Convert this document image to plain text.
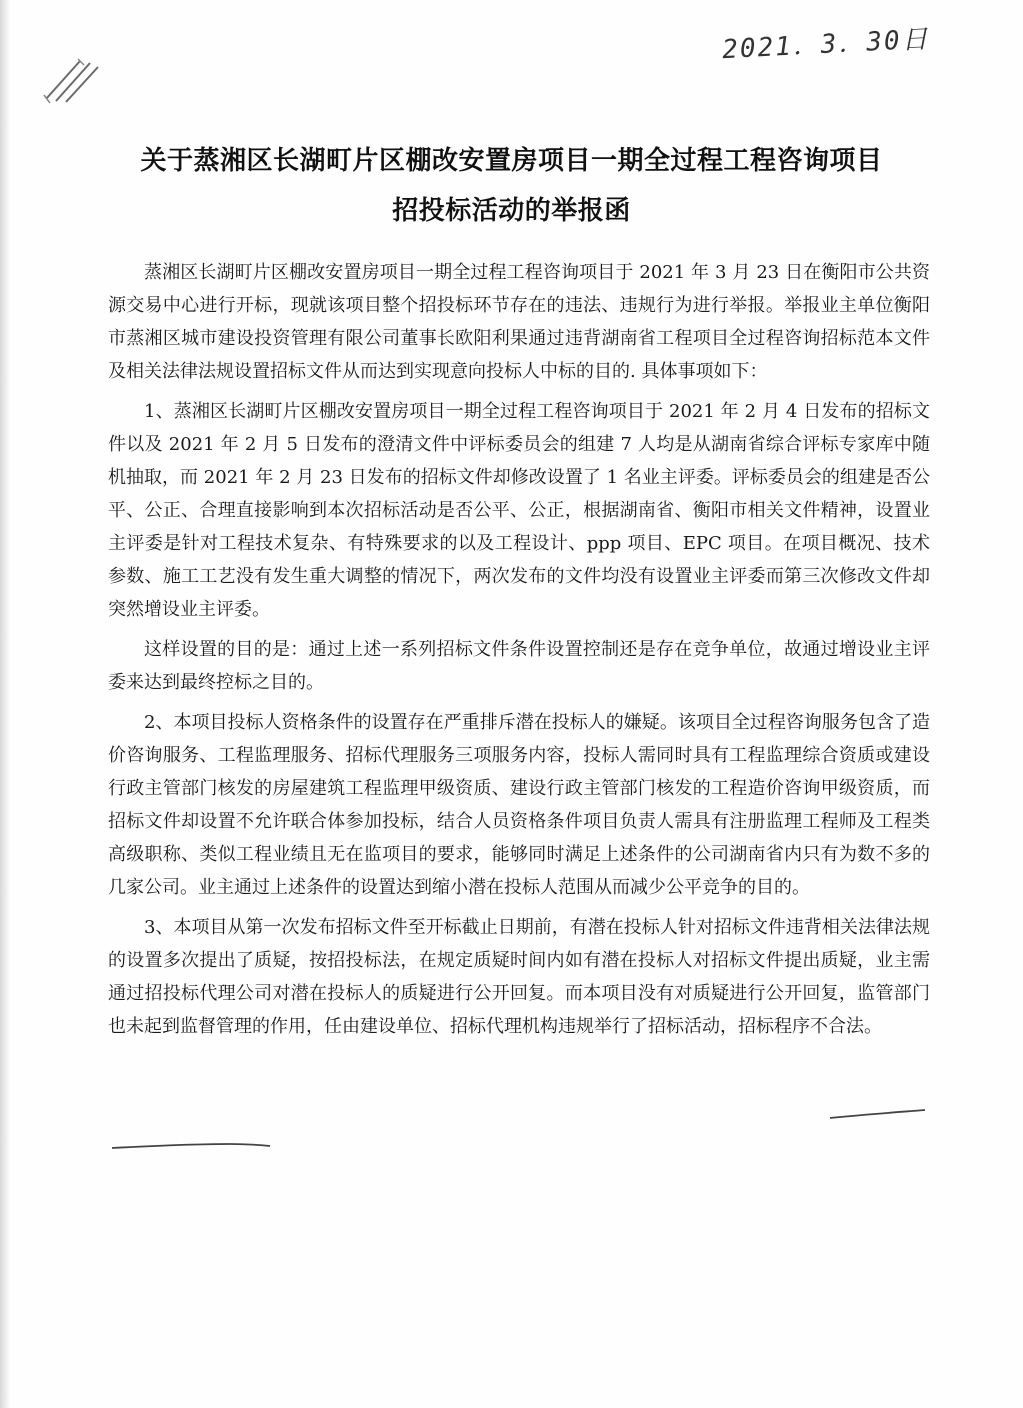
2021．3．30日
关于蒸湘区长湖町片区棚改安置房项目一期全过程工程咨询项目
招投标活动的举报函

蒸湘区长湖町片区棚改安置房项目一期全过程工程咨询项目于 2021 年 3 月 23 日在衡阳市公共资源交易中心进行开标，现就该项目整个招投标环节存在的违法、违规行为进行举报。举报业主单位衡阳市蒸湘区城市建设投资管理有限公司董事长欧阳利果通过违背湖南省工程项目全过程咨询招标范本文件及相关法律法规设置招标文件从而达到实现意向投标人中标的目的. 具体事项如下：

1、蒸湘区长湖町片区棚改安置房项目一期全过程工程咨询项目于 2021 年 2 月 4 日发布的招标文件以及 2021 年 2 月 5 日发布的澄清文件中评标委员会的组建 7 人均是从湖南省综合评标专家库中随机抽取，而 2021 年 2 月 23 日发布的招标文件却修改设置了 1 名业主评委。评标委员会的组建是否公平、公正、合理直接影响到本次招标活动是否公平、公正，根据湖南省、衡阳市相关文件精神，设置业主评委是针对工程技术复杂、有特殊要求的以及工程设计、ppp 项目、EPC 项目。在项目概况、技术参数、施工工艺没有发生重大调整的情况下，两次发布的文件均没有设置业主评委而第三次修改文件却突然增设业主评委。

这样设置的目的是：通过上述一系列招标文件条件设置控制还是存在竞争单位，故通过增设业主评委来达到最终控标之目的。

2、本项目投标人资格条件的设置存在严重排斥潜在投标人的嫌疑。该项目全过程咨询服务包含了造价咨询服务、工程监理服务、招标代理服务三项服务内容，投标人需同时具有工程监理综合资质或建设行政主管部门核发的房屋建筑工程监理甲级资质、建设行政主管部门核发的工程造价咨询甲级资质，而招标文件却设置不允许联合体参加投标，结合人员资格条件项目负责人需具有注册监理工程师及工程类高级职称、类似工程业绩且无在监项目的要求，能够同时满足上述条件的公司湖南省内只有为数不多的几家公司。业主通过上述条件的设置达到缩小潜在投标人范围从而减少公平竞争的目的。

3、本项目从第一次发布招标文件至开标截止日期前，有潜在投标人针对招标文件违背相关法律法规的设置多次提出了质疑，按招投标法，在规定质疑时间内如有潜在投标人对招标文件提出质疑，业主需通过招投标代理公司对潜在投标人的质疑进行公开回复。而本项目没有对质疑进行公开回复，监管部门也未起到监督管理的作用，任由建设单位、招标代理机构违规举行了招标活动，招标程序不合法。
